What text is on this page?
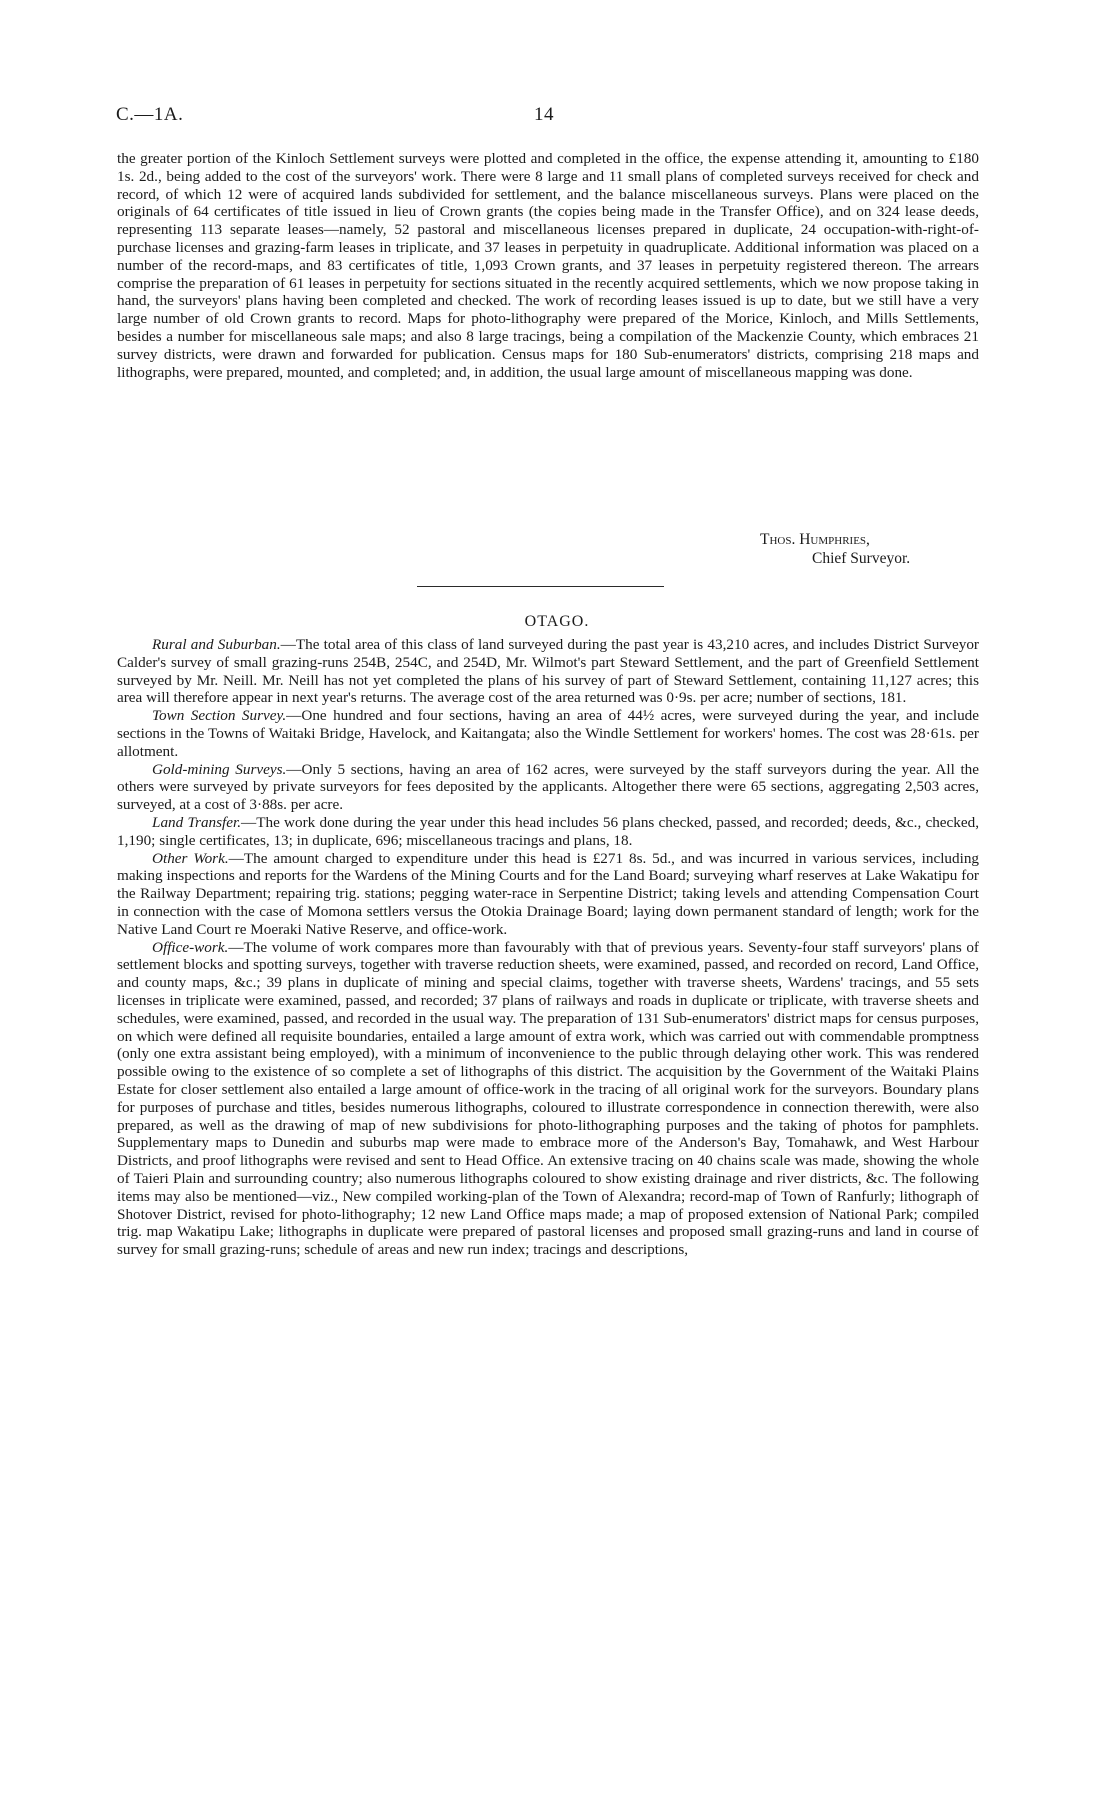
C.—1A.	14

the greater portion of the Kinloch Settlement surveys were plotted and completed in the office, the expense attending it, amounting to £180 1s. 2d., being added to the cost of the surveyors' work. There were 8 large and 11 small plans of completed surveys received for check and record, of which 12 were of acquired lands subdivided for settlement, and the balance miscellaneous surveys. Plans were placed on the originals of 64 certificates of title issued in lieu of Crown grants (the copies being made in the Transfer Office), and on 324 lease deeds, representing 113 separate leases—namely, 52 pastoral and miscellaneous licenses prepared in duplicate, 24 occupation-with-right-of-purchase licenses and grazing-farm leases in triplicate, and 37 leases in perpetuity in quadruplicate. Additional information was placed on a number of the record-maps, and 83 certificates of title, 1,093 Crown grants, and 37 leases in perpetuity registered thereon. The arrears comprise the preparation of 61 leases in perpetuity for sections situated in the recently acquired settlements, which we now propose taking in hand, the surveyors' plans having been completed and checked. The work of recording leases issued is up to date, but we still have a very large number of old Crown grants to record. Maps for photo-lithography were prepared of the Morice, Kinloch, and Mills Settlements, besides a number for miscellaneous sale maps; and also 8 large tracings, being a compilation of the Mackenzie County, which embraces 21 survey districts, were drawn and forwarded for publication. Census maps for 180 Sub-enumerators' districts, comprising 218 maps and lithographs, were prepared, mounted, and completed; and, in addition, the usual large amount of miscellaneous mapping was done.

Thos. Humphries,
Chief Surveyor.
OTAGO.

Rural and Suburban.—The total area of this class of land surveyed during the past year is 43,210 acres, and includes District Surveyor Calder's survey of small grazing-runs 254B, 254C, and 254D, Mr. Wilmot's part Steward Settlement, and the part of Greenfield Settlement surveyed by Mr. Neill. Mr. Neill has not yet completed the plans of his survey of part of Steward Settlement, containing 11,127 acres; this area will therefore appear in next year's returns. The average cost of the area returned was 0·9s. per acre; number of sections, 181.

Town Section Survey.—One hundred and four sections, having an area of 44½ acres, were surveyed during the year, and include sections in the Towns of Waitaki Bridge, Havelock, and Kaitangata; also the Windle Settlement for workers' homes. The cost was 28·61s. per allotment.

Gold-mining Surveys.—Only 5 sections, having an area of 162 acres, were surveyed by the staff surveyors during the year. All the others were surveyed by private surveyors for fees deposited by the applicants. Altogether there were 65 sections, aggregating 2,503 acres, surveyed, at a cost of 3·88s. per acre.

Land Transfer.—The work done during the year under this head includes 56 plans checked, passed, and recorded; deeds, &c., checked, 1,190; single certificates, 13; in duplicate, 696; miscellaneous tracings and plans, 18.

Other Work.—The amount charged to expenditure under this head is £271 8s. 5d., and was incurred in various services, including making inspections and reports for the Wardens of the Mining Courts and for the Land Board; surveying wharf reserves at Lake Wakatipu for the Railway Department; repairing trig. stations; pegging water-race in Serpentine District; taking levels and attending Compensation Court in connection with the case of Momona settlers versus the Otokia Drainage Board; laying down permanent standard of length; work for the Native Land Court re Moeraki Native Reserve, and office-work.

Office-work.—The volume of work compares more than favourably with that of previous years. Seventy-four staff surveyors' plans of settlement blocks and spotting surveys, together with traverse reduction sheets, were examined, passed, and recorded on record, Land Office, and county maps, &c.; 39 plans in duplicate of mining and special claims, together with traverse sheets, Wardens' tracings, and 55 sets licenses in triplicate were examined, passed, and recorded; 37 plans of railways and roads in duplicate or triplicate, with traverse sheets and schedules, were examined, passed, and recorded in the usual way. The preparation of 131 Sub-enumerators' district maps for census purposes, on which were defined all requisite boundaries, entailed a large amount of extra work, which was carried out with commendable promptness (only one extra assistant being employed), with a minimum of inconvenience to the public through delaying other work. This was rendered possible owing to the existence of so complete a set of lithographs of this district. The acquisition by the Government of the Waitaki Plains Estate for closer settlement also entailed a large amount of office-work in the tracing of all original work for the surveyors. Boundary plans for purposes of purchase and titles, besides numerous lithographs, coloured to illustrate correspondence in connection therewith, were also prepared, as well as the drawing of map of new subdivisions for photo-lithographing purposes and the taking of photos for pamphlets. Supplementary maps to Dunedin and suburbs map were made to embrace more of the Anderson's Bay, Tomahawk, and West Harbour Districts, and proof lithographs were revised and sent to Head Office. An extensive tracing on 40 chains scale was made, showing the whole of Taieri Plain and surrounding country; also numerous lithographs coloured to show existing drainage and river districts, &c. The following items may also be mentioned—viz., New compiled working-plan of the Town of Alexandra; record-map of Town of Ranfurly; lithograph of Shotover District, revised for photo-lithography; 12 new Land Office maps made; a map of proposed extension of National Park; compiled trig. map Wakatipu Lake; lithographs in duplicate were prepared of pastoral licenses and proposed small grazing-runs and land in course of survey for small grazing-runs; schedule of areas and new run index; tracings and descriptions,
